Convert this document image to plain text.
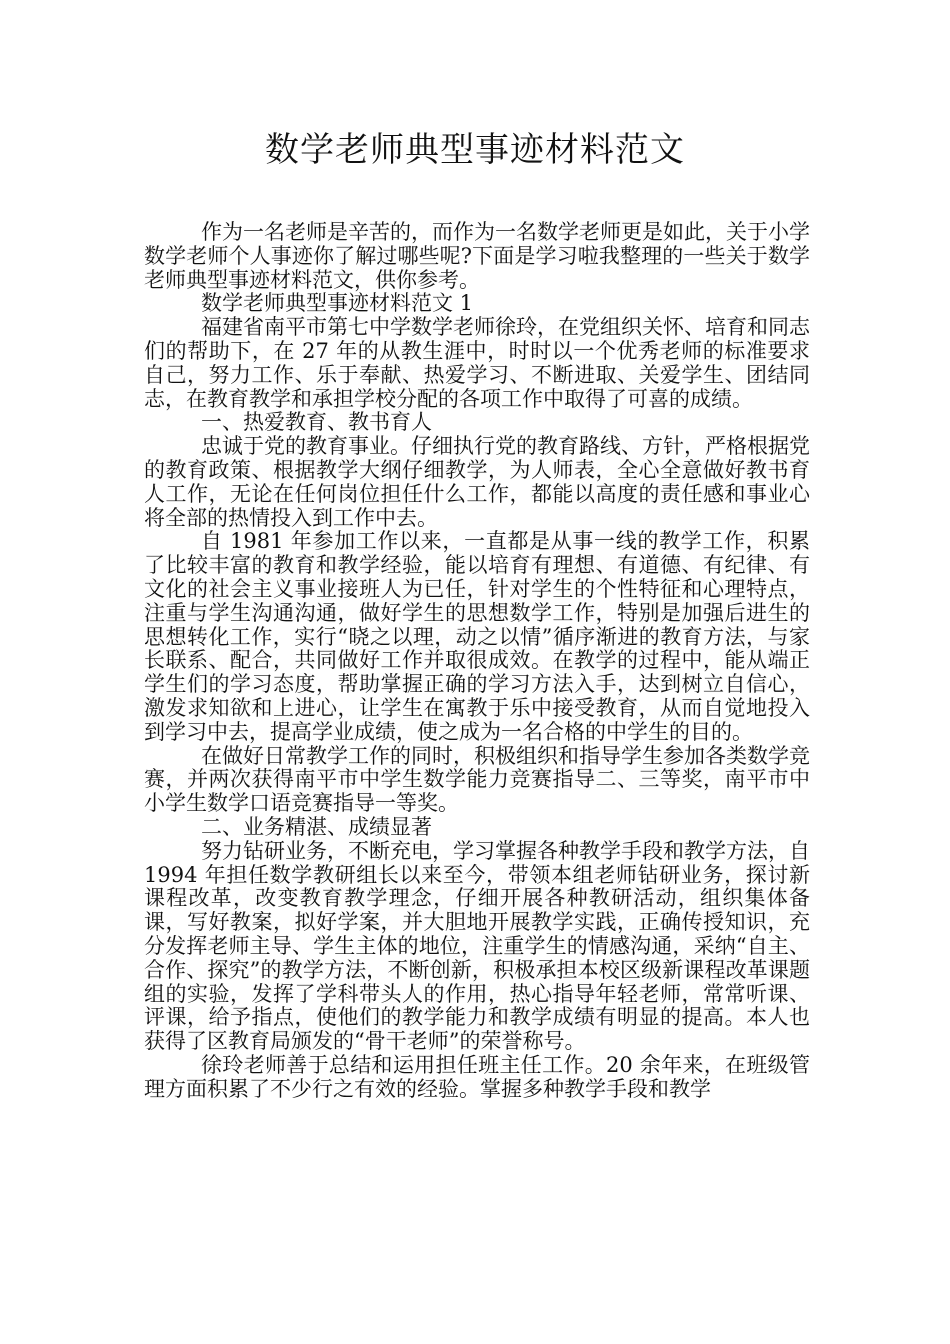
数学老师典型事迹材料范文

作为一名老师是辛苦的，而作为一名数学老师更是如此，关于小学数学老师个人事迹你了解过哪些呢?下面是学习啦我整理的一些关于数学老师典型事迹材料范文，供你参考。

数学老师典型事迹材料范文 1

福建省南平市第七中学数学老师徐玲，在党组织关怀、培育和同志们的帮助下，在 27 年的从教生涯中，时时以一个优秀老师的标准要求自己，努力工作、乐于奉献、热爱学习、不断进取、关爱学生、团结同志，在教育教学和承担学校分配的各项工作中取得了可喜的成绩。

一、热爱教育、教书育人

忠诚于党的教育事业。仔细执行党的教育路线、方针，严格根据党的教育政策、根据教学大纲仔细教学，为人师表，全心全意做好教书育人工作，无论在任何岗位担任什么工作，都能以高度的责任感和事业心将全部的热情投入到工作中去。

自 1981 年参加工作以来，一直都是从事一线的教学工作，积累了比较丰富的教育和教学经验，能以培育有理想、有道德、有纪律、有文化的社会主义事业接班人为已任，针对学生的个性特征和心理特点，注重与学生沟通沟通，做好学生的思想数学工作，特别是加强后进生的思想转化工作，实行“晓之以理，动之以情”循序渐进的教育方法，与家长联系、配合，共同做好工作并取很成效。在教学的过程中，能从端正学生们的学习态度，帮助掌握正确的学习方法入手，达到树立自信心，激发求知欲和上进心，让学生在寓教于乐中接受教育，从而自觉地投入到学习中去，提高学业成绩，使之成为一名合格的中学生的目的。

在做好日常教学工作的同时，积极组织和指导学生参加各类数学竞赛，并两次获得南平市中学生数学能力竞赛指导二、三等奖，南平市中小学生数学口语竞赛指导一等奖。

二、业务精湛、成绩显著

努力钻研业务，不断充电，学习掌握各种教学手段和教学方法，自 1994 年担任数学教研组长以来至今，带领本组老师钻研业务，探讨新课程改革，改变教育教学理念，仔细开展各种教研活动，组织集体备课，写好教案，拟好学案，并大胆地开展教学实践，正确传授知识，充分发挥老师主导、学生主体的地位，注重学生的情感沟通，采纳“自主、合作、探究”的教学方法，不断创新，积极承担本校区级新课程改革课题组的实验，发挥了学科带头人的作用，热心指导年轻老师，常常听课、评课，给予指点，使他们的教学能力和教学成绩有明显的提高。本人也获得了区教育局颁发的“骨干老师”的荣誉称号。

徐玲老师善于总结和运用担任班主任工作。20 余年来，在班级管理方面积累了不少行之有效的经验。掌握多种教学手段和教学
